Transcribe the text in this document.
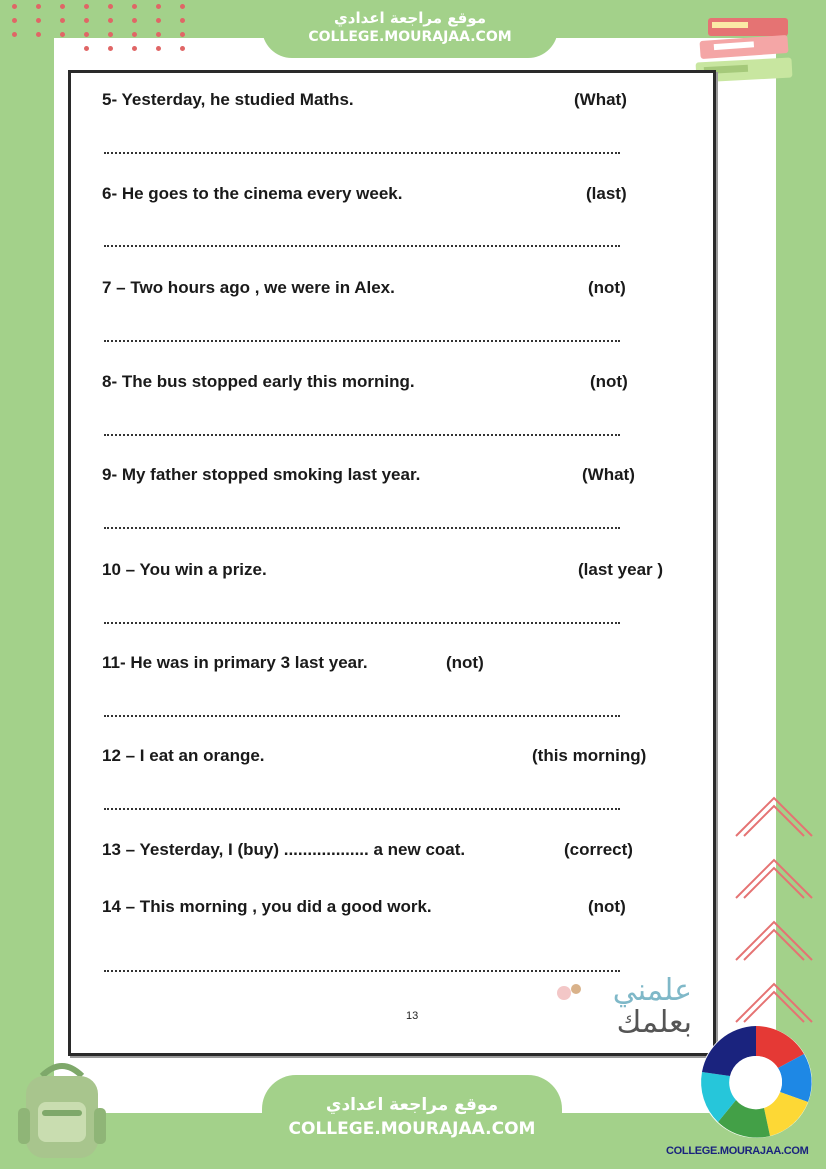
موقع مراجعة اعدادي
COLLEGE.MOURAJAA.COM
5- Yesterday, he studied Maths.	(What)
6- He goes to the cinema every week.	(last)
7 – Two hours ago , we were in Alex.	(not)
8- The bus stopped early this morning.	(not)
9- My father stopped smoking last year.	(What)
10 – You win a prize.	(last year )
11- He was in primary 3 last year.	(not)
12 – I eat an orange.	(this morning)
13 – Yesterday, I (buy) .................. a new coat.	(correct)
14 – This morning , you did a good work.	(not)
13
علمني
بعلمك
موقع مراجعة اعدادي
COLLEGE.MOURAJAA.COM
COLLEGE.MOURAJAA.COM
